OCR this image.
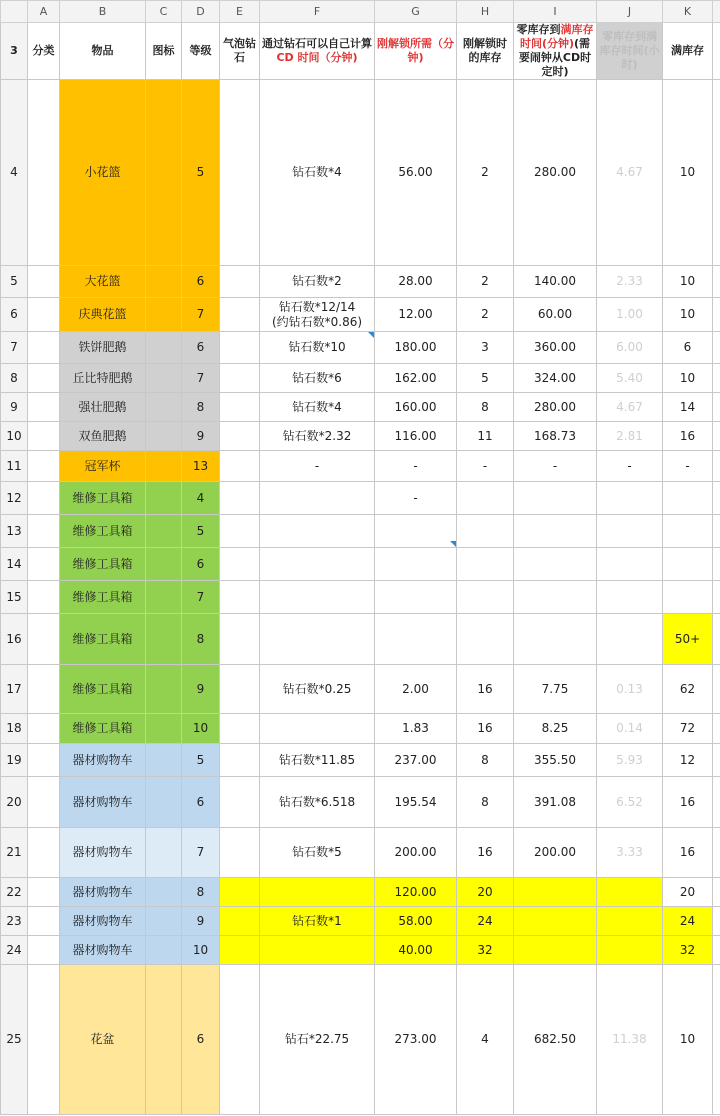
	A	B	C	D	E	F	G	H	I	J	K	
3	分类	物品	图标	等级	气泡钻石	通过钻石可以自己计算
CD 时间（分钟)	刚解锁所需（分钟)	刚解锁时的库存	零库存到满库存时间(分钟)(需要闹钟从CD时定时)	零库存到满库存时间(小时)	满库存	
4		小花篮		5		钻石数*4	56.00	2	280.00	4.67	10	
5		大花篮		6		钻石数*2	28.00	2	140.00	2.33	10	
6		庆典花篮		7		钻石数*12/14
(约钻石数*0.86)	12.00	2	60.00	1.00	10	
7		铁饼肥鹅		6		钻石数*10	180.00	3	360.00	6.00	6	
8		丘比特肥鹅		7		钻石数*6	162.00	5	324.00	5.40	10	
9		强壮肥鹅		8		钻石数*4	160.00	8	280.00	4.67	14	
10		双鱼肥鹅		9		钻石数*2.32	116.00	11	168.73	2.81	16	
11		冠军杯		13		-	-	-	-	-	-	
12		维修工具箱		4			-					
13		维修工具箱		5								
14		维修工具箱		6								
15		维修工具箱		7								
16		维修工具箱		8							50+	
17		维修工具箱		9		钻石数*0.25	2.00	16	7.75	0.13	62	
18		维修工具箱		10			1.83	16	8.25	0.14	72	
19		器材购物车		5		钻石数*11.85	237.00	8	355.50	5.93	12	
20		器材购物车		6		钻石数*6.518	195.54	8	391.08	6.52	16	
21		器材购物车		7		钻石数*5	200.00	16	200.00	3.33	16	
22		器材购物车		8			120.00	20			20	
23		器材购物车		9		钻石数*1	58.00	24			24	
24		器材购物车		10			40.00	32			32	
25		花盆		6		钻石*22.75	273.00	4	682.50	11.38	10	
